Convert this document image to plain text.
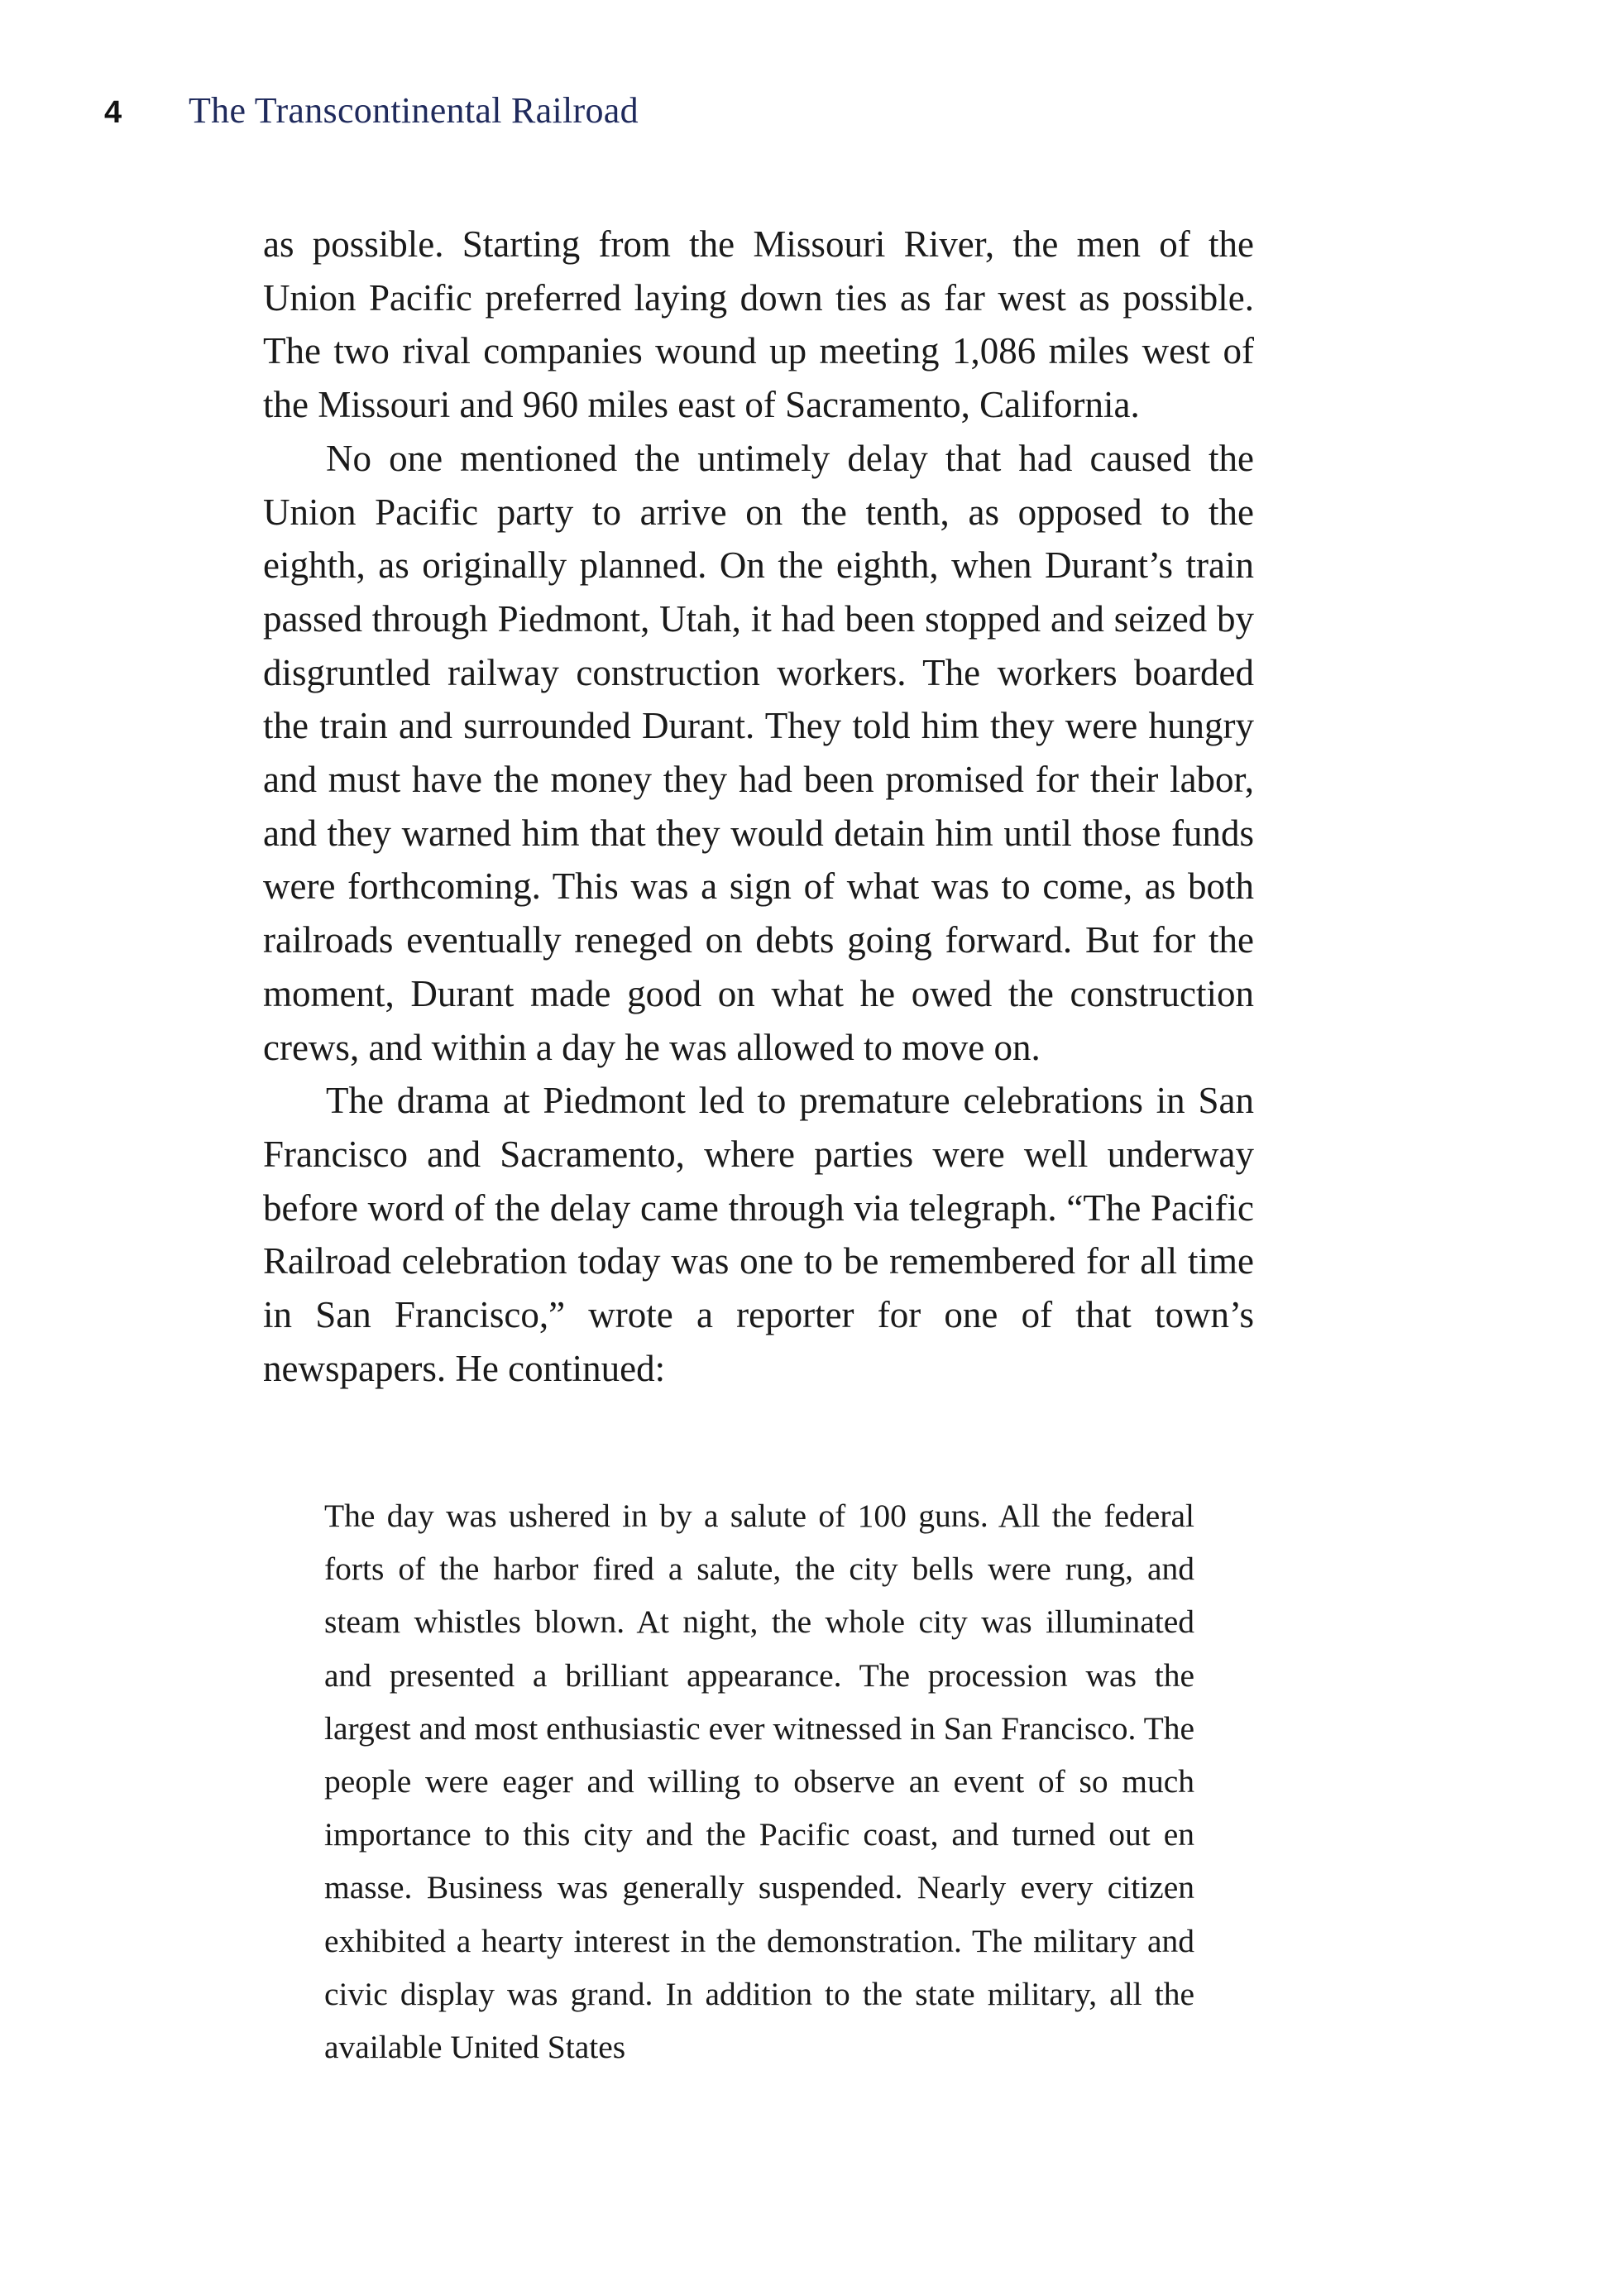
4	The Transcontinental Railroad

as possible. Starting from the Missouri River, the men of the Union Pacific preferred laying down ties as far west as possible. The two rival companies wound up meeting 1,086 miles west of the Missouri and 960 miles east of Sacramento, California.

No one mentioned the untimely delay that had caused the Union Pacific party to arrive on the tenth, as opposed to the eighth, as originally planned. On the eighth, when Durant’s train passed through Piedmont, Utah, it had been stopped and seized by disgruntled railway construction workers. The workers boarded the train and surrounded Durant. They told him they were hungry and must have the money they had been promised for their labor, and they warned him that they would detain him until those funds were forthcoming. This was a sign of what was to come, as both railroads eventually reneged on debts going forward. But for the moment, Durant made good on what he owed the construction crews, and within a day he was allowed to move on.

The drama at Piedmont led to premature celebrations in San Francisco and Sacramento, where parties were well underway before word of the delay came through via telegraph. “The Pacific Railroad celebration today was one to be remembered for all time in San Francisco,” wrote a reporter for one of that town’s newspapers. He continued:

The day was ushered in by a salute of 100 guns. All the federal forts of the harbor fired a salute, the city bells were rung, and steam whistles blown. At night, the whole city was illuminated and presented a brilliant appearance. The procession was the largest and most enthusiastic ever witnessed in San Francisco. The people were eager and willing to observe an event of so much importance to this city and the Pacific coast, and turned out en masse. Business was generally suspended. Nearly every citizen exhibited a hearty interest in the demonstration. The military and civic display was grand. In addition to the state military, all the available United States
